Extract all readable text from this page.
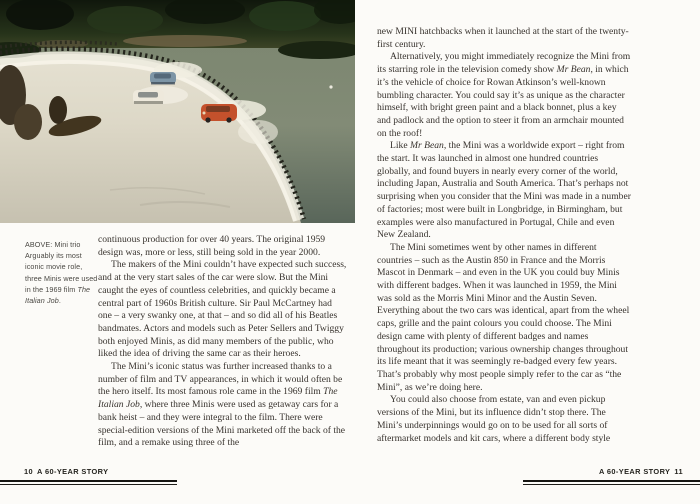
ABOVE: Mini trio
Arguably its most iconic movie role, three Minis were used in the 1969 film The Italian Job.

continuous production for over 40 years. The original 1959 design was, more or less, still being sold in the year 2000.

The makers of the Mini couldn’t have expected such success, and at the very start sales of the car were slow. But the Mini caught the eyes of countless celebrities, and quickly became a central part of 1960s British culture. Sir Paul McCartney had one – a very swanky one, at that – and so did all of his Beatles bandmates. Actors and models such as Peter Sellers and Twiggy both enjoyed Minis, as did many members of the public, who liked the idea of driving the same car as their heroes.

The Mini’s iconic status was further increased thanks to a number of film and TV appearances, in which it would often be the hero itself. Its most famous role came in the 1969 film The Italian Job, where three Minis were used as getaway cars for a bank heist – and they were integral to the film. There were special-edition versions of the Mini marketed off the back of the film, and a remake using three of the

10 A 60-YEAR STORY

new MINI hatchbacks when it launched at the start of the twenty-first century.

Alternatively, you might immediately recognize the Mini from its starring role in the television comedy show Mr Bean, in which it’s the vehicle of choice for Rowan Atkinson’s well-known bumbling character. You could say it’s as unique as the character himself, with bright green paint and a black bonnet, plus a key and padlock and the option to steer it from an armchair mounted on the roof!

Like Mr Bean, the Mini was a worldwide export – right from the start. It was launched in almost one hundred countries globally, and found buyers in nearly every corner of the world, including Japan, Australia and South America. That’s perhaps not surprising when you consider that the Mini was made in a number of factories; most were built in Longbridge, in Birmingham, but examples were also manufactured in Portugal, Chile and even New Zealand.

The Mini sometimes went by other names in different countries – such as the Austin 850 in France and the Morris Mascot in Denmark – and even in the UK you could buy Minis with different badges. When it was launched in 1959, the Mini was sold as the Morris Mini Minor and the Austin Seven. Everything about the two cars was identical, apart from the wheel caps, grille and the paint colours you could choose. The Mini design came with plenty of different badges and names throughout its production; various ownership changes throughout its life meant that it was seemingly re-badged every few years. That’s probably why most people simply refer to the car as “the Mini”, as we’re doing here.

You could also choose from estate, van and even pickup versions of the Mini, but its influence didn’t stop there. The Mini’s underpinnings would go on to be used for all sorts of aftermarket models and kit cars, where a different body style

A 60-YEAR STORY 11
